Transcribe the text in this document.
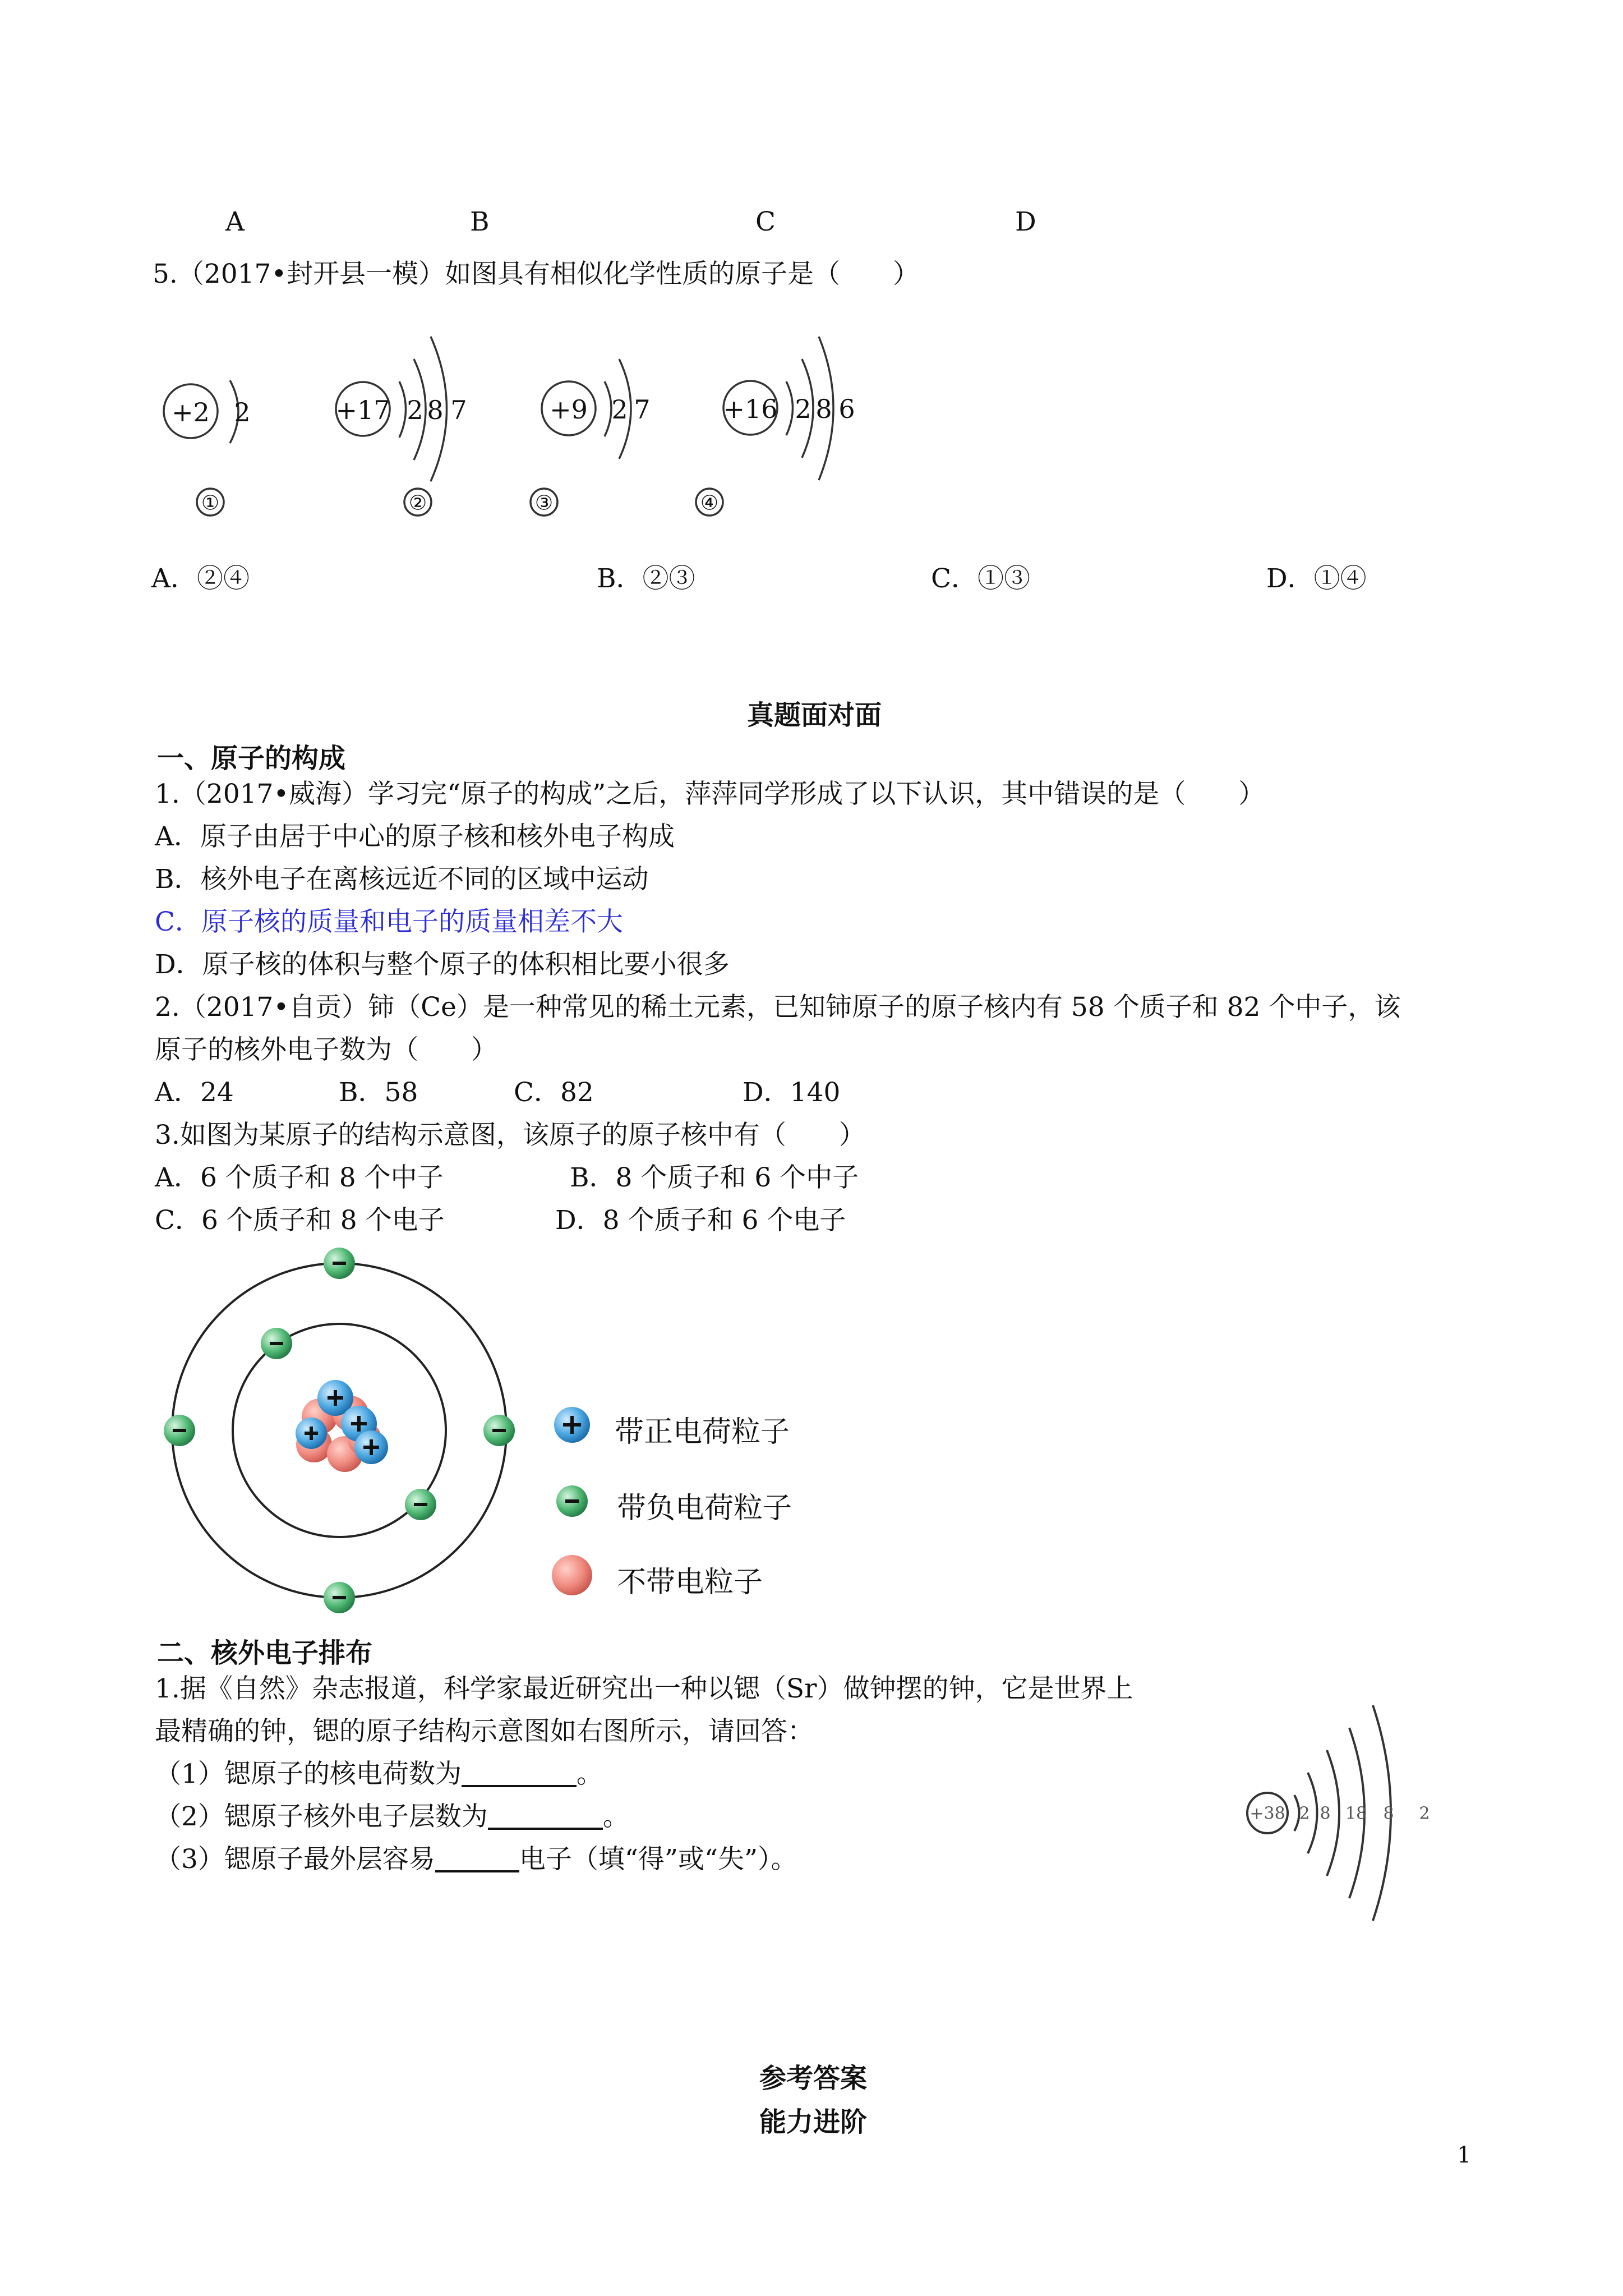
A	B	C	D
5.（2017•封开县一模）如图具有相似化学性质的原子是（　　）
+2 2	+17 2 8 7	+9 2 7	+16 2 8 6
①	②	③	④
A．②④	B．②③	C．①③	D．①④
真题面对面
一、原子的构成
1.（2017•威海）学习完“原子的构成”之后，萍萍同学形成了以下认识，其中错误的是（　　）
A．原子由居于中心的原子核和核外电子构成
B．核外电子在离核远近不同的区域中运动
C．原子核的质量和电子的质量相差不大
D．原子核的体积与整个原子的体积相比要小很多
2.（2017•自贡）铈（Ce）是一种常见的稀土元素，已知铈原子的原子核内有 58 个质子和 82 个中子，该
原子的核外电子数为（　　）
A．24	B．58	C．82	D．140
3.如图为某原子的结构示意图，该原子的原子核中有（　　）
A．6 个质子和 8 个中子	B．8 个质子和 6 个中子
C．6 个质子和 8 个电子	D．8 个质子和 6 个电子
带正电荷粒子
带负电荷粒子
不带电粒子
二、核外电子排布
1.据《自然》杂志报道，科学家最近研究出一种以锶（Sr）做钟摆的钟，它是世界上
最精确的钟，锶的原子结构示意图如右图所示，请回答：
（1）锶原子的核电荷数为	。
（2）锶原子核外电子层数为	。
（3）锶原子最外层容易	电子（填“得”或“失”）。
+38 2 8 18 8 2
参考答案
能力进阶
1
